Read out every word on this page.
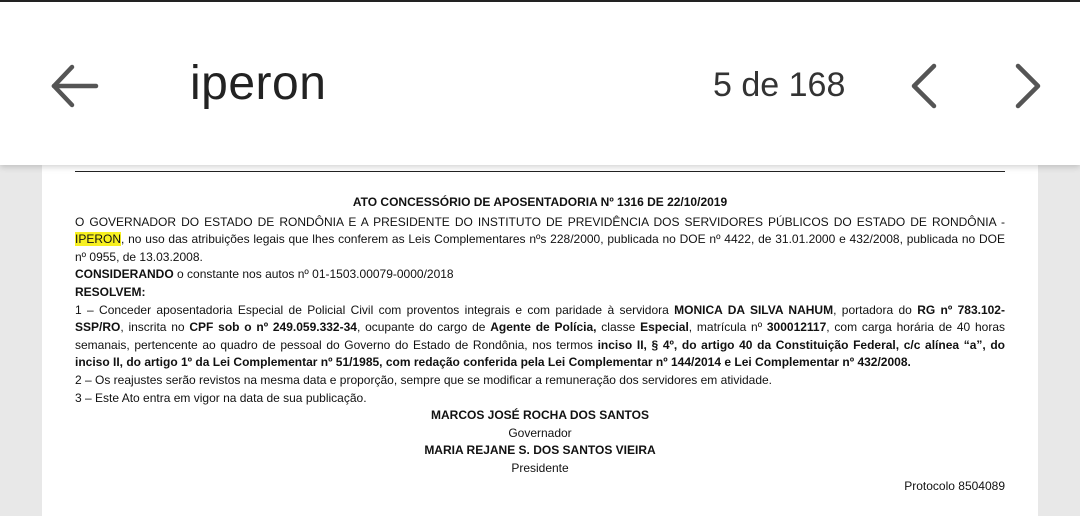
iperon	5 de 168

ATO CONCESSÓRIO DE APOSENTADORIA Nº 1316 DE 22/10/2019

O GOVERNADOR DO ESTADO DE RONDÔNIA E A PRESIDENTE DO INSTITUTO DE PREVIDÊNCIA DOS SERVIDORES PÚBLICOS DO ESTADO DE RONDÔNIA - IPERON, no uso das atribuições legais que lhes conferem as Leis Complementares nºs 228/2000, publicada no DOE nº 4422, de 31.01.2000 e 432/2008, publicada no DOE nº 0955, de 13.03.2008.

CONSIDERANDO o constante nos autos nº 01-1503.00079-0000/2018

RESOLVEM:

1 – Conceder aposentadoria Especial de Policial Civil com proventos integrais e com paridade à servidora MONICA DA SILVA NAHUM, portadora do RG nº 783.102-SSP/RO, inscrita no CPF sob o nº 249.059.332-34, ocupante do cargo de Agente de Polícia, classe Especial, matrícula nº 300012117, com carga horária de 40 horas semanais, pertencente ao quadro de pessoal do Governo do Estado de Rondônia, nos termos inciso II, § 4º, do artigo 40 da Constituição Federal, c/c alínea “a”, do inciso II, do artigo 1º da Lei Complementar nº 51/1985, com redação conferida pela Lei Complementar nº 144/2014 e Lei Complementar nº 432/2008.

2 – Os reajustes serão revistos na mesma data e proporção, sempre que se modificar a remuneração dos servidores em atividade.

3 – Este Ato entra em vigor na data de sua publicação.

MARCOS JOSÉ ROCHA DOS SANTOS

Governador

MARIA REJANE S. DOS SANTOS VIEIRA

Presidente

Protocolo 8504089
